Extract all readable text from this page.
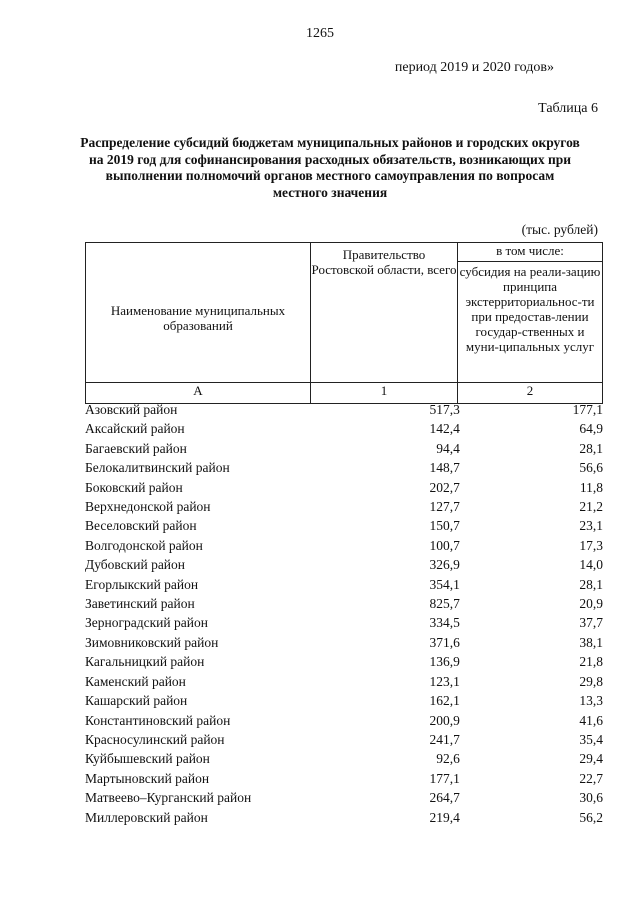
1265
период 2019 и 2020 годов»
Таблица 6
Распределение субсидий бюджетам муниципальных районов и городских округов на 2019 год для софинансирования расходных обязательств, возникающих при выполнении полномочий органов местного самоуправления по вопросам местного значения
(тыс. рублей)
Наименование муниципальных образований	Правительство Ростовской области, всего	в том числе:

		субсидия на реали-зацию принципа экстерриториальнос-ти при предостав-лении государ-ственных и муни-ципальных услуг

А	1	2
Азовский район	517,3	177,1
Аксайский район	142,4	64,9
Багаевский район	94,4	28,1
Белокалитвинский район	148,7	56,6
Боковский район	202,7	11,8
Верхнедонской район	127,7	21,2
Веселовский район	150,7	23,1
Волгодонской район	100,7	17,3
Дубовский район	326,9	14,0
Егорлыкский район	354,1	28,1
Заветинский район	825,7	20,9
Зерноградский район	334,5	37,7
Зимовниковский район	371,6	38,1
Кагальницкий район	136,9	21,8
Каменский район	123,1	29,8
Кашарский район	162,1	13,3
Константиновский район	200,9	41,6
Красносулинский район	241,7	35,4
Куйбышевский район	92,6	29,4
Мартыновский район	177,1	22,7
Матвеево–Курганский район	264,7	30,6
Миллеровский район	219,4	56,2
